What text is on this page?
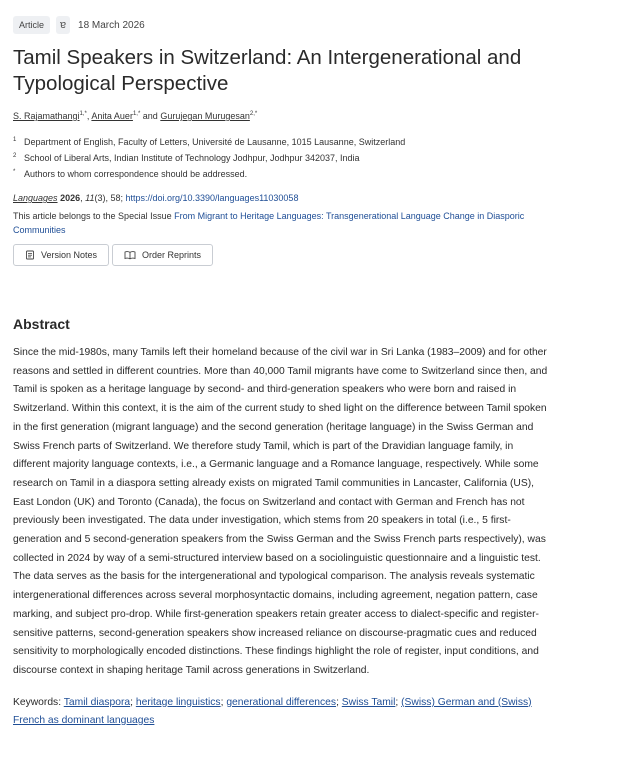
Article	ɐ	18 March 2026
Tamil Speakers in Switzerland: An Intergenerational and Typological Perspective
S. Rajamathangi$^{1,*}$, Anita Auer$^{1,*}$ and Gurujegan Murugesan$^{2,*}$
1 Department of English, Faculty of Letters, Université de Lausanne, 1015 Lausanne, Switzerland
2 School of Liberal Arts, Indian Institute of Technology Jodhpur, Jodhpur 342037, India
* Authors to whom correspondence should be addressed.
Languages 2026, 11(3), 58; https://doi.org/10.3390/languages11030058
This article belongs to the Special Issue From Migrant to Heritage Languages: Transgenerational Language Change in Diasporic Communities
Version Notes	Order Reprints
Abstract
Since the mid-1980s, many Tamils left their homeland because of the civil war in Sri Lanka (1983–2009) and for other reasons and settled in different countries. More than 40,000 Tamil migrants have come to Switzerland since then, and Tamil is spoken as a heritage language by second- and third-generation speakers who were born and raised in Switzerland. Within this context, it is the aim of the current study to shed light on the difference between Tamil spoken in the first generation (migrant language) and the second generation (heritage language) in the Swiss German and Swiss French parts of Switzerland. We therefore study Tamil, which is part of the Dravidian language family, in different majority language contexts, i.e., a Germanic language and a Romance language, respectively. While some research on Tamil in a diaspora setting already exists on migrated Tamil communities in Lancaster, California (US), East London (UK) and Toronto (Canada), the focus on Switzerland and contact with German and French has not previously been investigated. The data under investigation, which stems from 20 speakers in total (i.e., 5 first-generation and 5 second-generation speakers from the Swiss German and the Swiss French parts respectively), was collected in 2024 by way of a semi-structured interview based on a sociolinguistic questionnaire and a linguistic test. The data serves as the basis for the intergenerational and typological comparison. The analysis reveals systematic intergenerational differences across several morphosyntactic domains, including agreement, negation pattern, case marking, and subject pro-drop. While first-generation speakers retain greater access to dialect-specific and register-sensitive patterns, second-generation speakers show increased reliance on discourse-pragmatic cues and reduced sensitivity to morphologically encoded distinctions. These findings highlight the role of register, input conditions, and discourse context in shaping heritage Tamil across generations in Switzerland.
Keywords: Tamil diaspora; heritage linguistics; generational differences; Swiss Tamil; (Swiss) German and (Swiss) French as dominant languages
